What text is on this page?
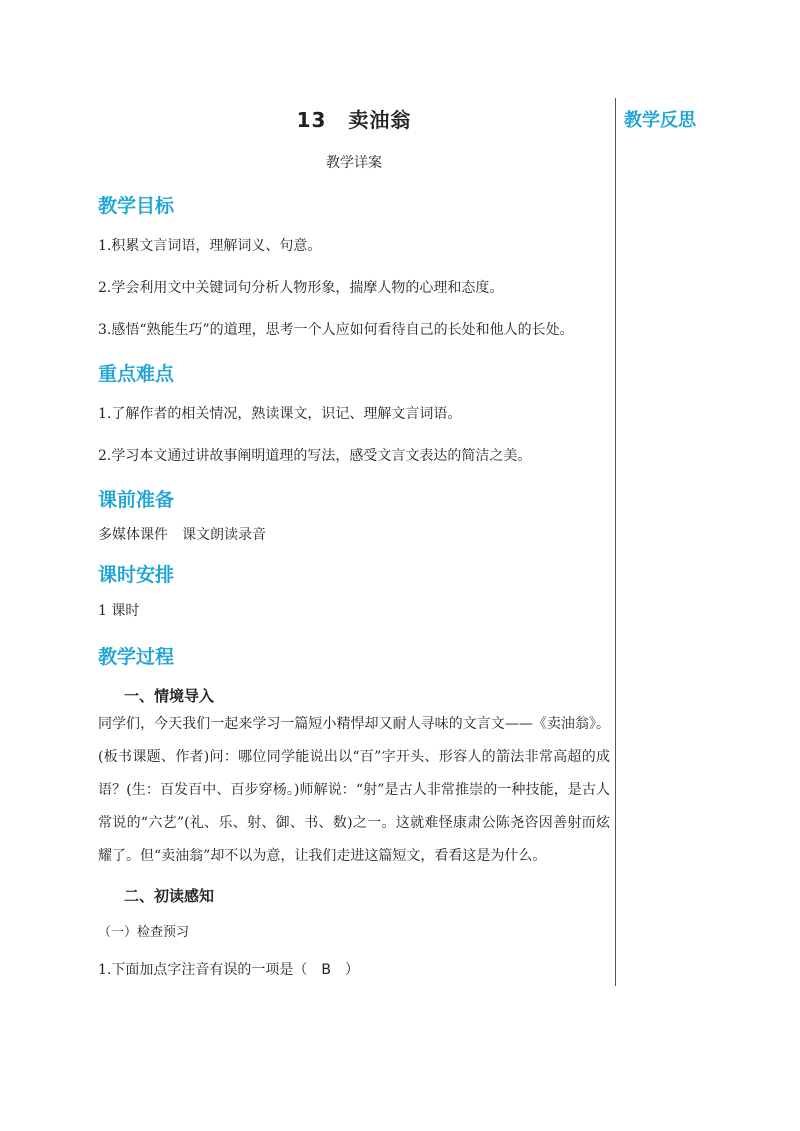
13 卖油翁
教学详案
教学反思
教学目标
1.积累文言词语，理解词义、句意。
2.学会利用文中关键词句分析人物形象，揣摩人物的心理和态度。
3.感悟“熟能生巧”的道理，思考一个人应如何看待自己的长处和他人的长处。
重点难点
1.了解作者的相关情况，熟读课文，识记、理解文言词语。
2.学习本文通过讲故事阐明道理的写法，感受文言文表达的简洁之美。
课前准备
多媒体课件　课文朗读录音
课时安排
1 课时
教学过程
一、情境导入
同学们，今天我们一起来学习一篇短小精悍却又耐人寻味的文言文——《卖油翁》。(板书课题、作者)问：哪位同学能说出以“百”字开头、形容人的箭法非常高超的成语？(生：百发百中、百步穿杨。)师解说：“射”是古人非常推崇的一种技能，是古人常说的“六艺”(礼、乐、射、御、书、数)之一。这就难怪康肃公陈尧咨因善射而炫耀了。但“卖油翁”却不以为意，让我们走进这篇短文，看看这是为什么。
二、初读感知
（一）检查预习
1.下面加点字注音有误的一项是（ B ）
